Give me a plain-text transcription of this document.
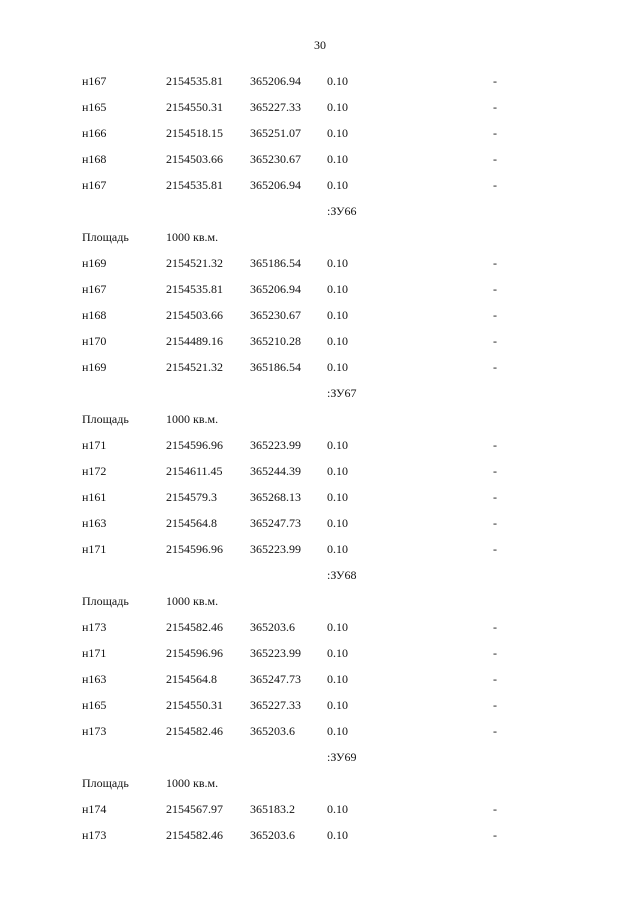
30
н167	2154535.81 365206.94 0.10	-
н165	2154550.31 365227.33 0.10	-
н166	2154518.15 365251.07 0.10	-
н168	2154503.66 365230.67 0.10	-
н167	2154535.81 365206.94 0.10	-
:ЗУ66
Площадь	1000 кв.м.
н169	2154521.32 365186.54 0.10	-
н167	2154535.81 365206.94 0.10	-
н168	2154503.66 365230.67 0.10	-
н170	2154489.16 365210.28 0.10	-
н169	2154521.32 365186.54 0.10	-
:ЗУ67
Площадь	1000 кв.м.
н171	2154596.96 365223.99 0.10	-
н172	2154611.45 365244.39 0.10	-
н161	2154579.3	365268.13 0.10	-
н163	2154564.8	365247.73 0.10	-
н171	2154596.96 365223.99 0.10	-
:ЗУ68
Площадь	1000 кв.м.
н173	2154582.46 365203.6	0.10	-
н171	2154596.96 365223.99 0.10	-
н163	2154564.8	365247.73 0.10	-
н165	2154550.31 365227.33 0.10	-
н173	2154582.46 365203.6	0.10	-
:ЗУ69
Площадь	1000 кв.м.
н174	2154567.97 365183.2	0.10	-
н173	2154582.46 365203.6	0.10	-
